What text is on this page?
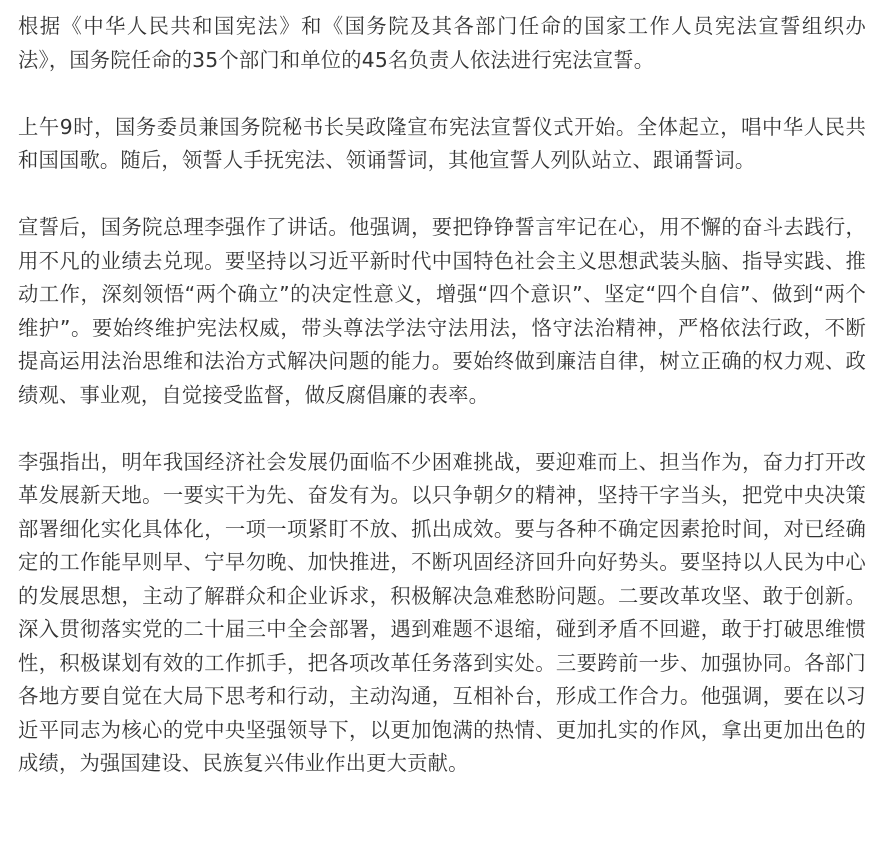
根据《中华人民共和国宪法》和《国务院及其各部门任命的国家工作人员宪法宣誓组织办法》，国务院任命的35个部门和单位的45名负责人依法进行宪法宣誓。

上午9时，国务委员兼国务院秘书长吴政隆宣布宪法宣誓仪式开始。全体起立，唱中华人民共和国国歌。随后，领誓人手抚宪法、领诵誓词，其他宣誓人列队站立、跟诵誓词。

宣誓后，国务院总理李强作了讲话。他强调，要把铮铮誓言牢记在心，用不懈的奋斗去践行，用不凡的业绩去兑现。要坚持以习近平新时代中国特色社会主义思想武装头脑、指导实践、推动工作，深刻领悟“两个确立”的决定性意义，增强“四个意识”、坚定“四个自信”、做到“两个维护”。要始终维护宪法权威，带头尊法学法守法用法，恪守法治精神，严格依法行政，不断提高运用法治思维和法治方式解决问题的能力。要始终做到廉洁自律，树立正确的权力观、政绩观、事业观，自觉接受监督，做反腐倡廉的表率。

李强指出，明年我国经济社会发展仍面临不少困难挑战，要迎难而上、担当作为，奋力打开改革发展新天地。一要实干为先、奋发有为。以只争朝夕的精神，坚持干字当头，把党中央决策部署细化实化具体化，一项一项紧盯不放、抓出成效。要与各种不确定因素抢时间，对已经确定的工作能早则早、宁早勿晚、加快推进，不断巩固经济回升向好势头。要坚持以人民为中心的发展思想，主动了解群众和企业诉求，积极解决急难愁盼问题。二要改革攻坚、敢于创新。深入贯彻落实党的二十届三中全会部署，遇到难题不退缩，碰到矛盾不回避，敢于打破思维惯性，积极谋划有效的工作抓手，把各项改革任务落到实处。三要跨前一步、加强协同。各部门各地方要自觉在大局下思考和行动，主动沟通，互相补台，形成工作合力。他强调，要在以习近平同志为核心的党中央坚强领导下，以更加饱满的热情、更加扎实的作风，拿出更加出色的成绩，为强国建设、民族复兴伟业作出更大贡献。
